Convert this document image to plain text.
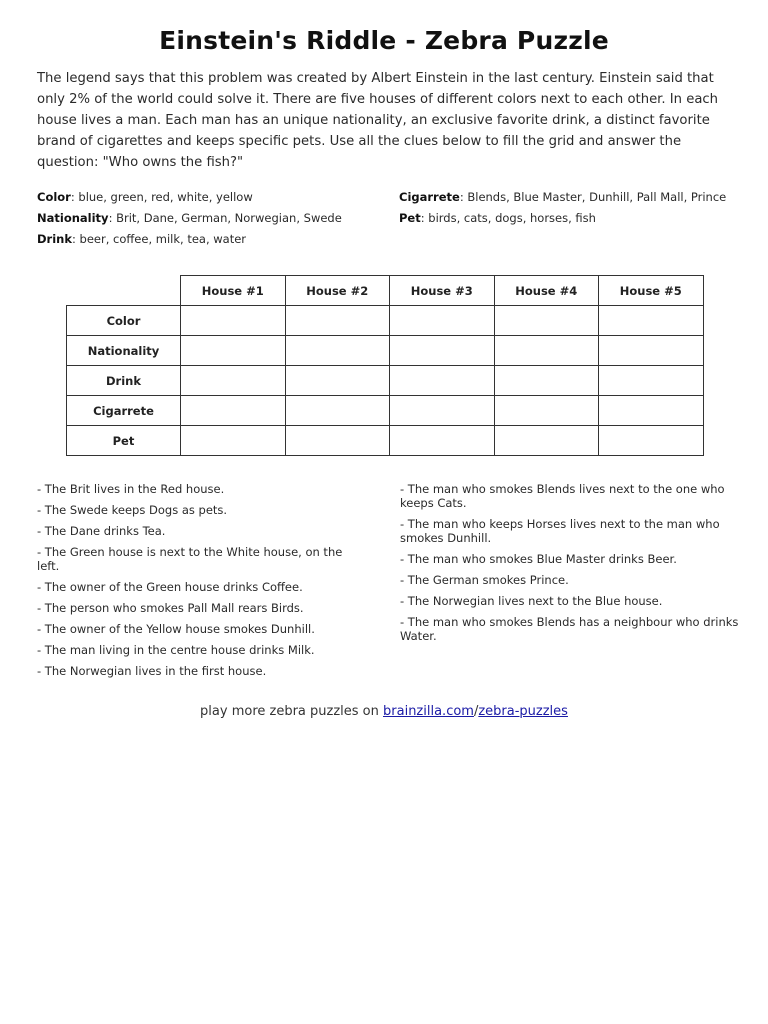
Einstein's Riddle - Zebra Puzzle
The legend says that this problem was created by Albert Einstein in the last century. Einstein said that only 2% of the world could solve it. There are five houses of different colors next to each other. In each house lives a man. Each man has an unique nationality, an exclusive favorite drink, a distinct favorite brand of cigarettes and keeps specific pets. Use all the clues below to fill the grid and answer the question: "Who owns the fish?"
Color: blue, green, red, white, yellow
Nationality: Brit, Dane, German, Norwegian, Swede
Drink: beer, coffee, milk, tea, water
Cigarrete: Blends, Blue Master, Dunhill, Pall Mall, Prince
Pet: birds, cats, dogs, horses, fish
	House #1	House #2	House #3	House #4	House #5
Color					
Nationality					
Drink					
Cigarrete					
Pet					
- The Brit lives in the Red house.
- The Swede keeps Dogs as pets.
- The Dane drinks Tea.
- The Green house is next to the White house, on the left.
- The owner of the Green house drinks Coffee.
- The person who smokes Pall Mall rears Birds.
- The owner of the Yellow house smokes Dunhill.
- The man living in the centre house drinks Milk.
- The Norwegian lives in the first house.
- The man who smokes Blends lives next to the one who keeps Cats.
- The man who keeps Horses lives next to the man who smokes Dunhill.
- The man who smokes Blue Master drinks Beer.
- The German smokes Prince.
- The Norwegian lives next to the Blue house.
- The man who smokes Blends has a neighbour who drinks Water.
play more zebra puzzles on brainzilla.com/zebra-puzzles
